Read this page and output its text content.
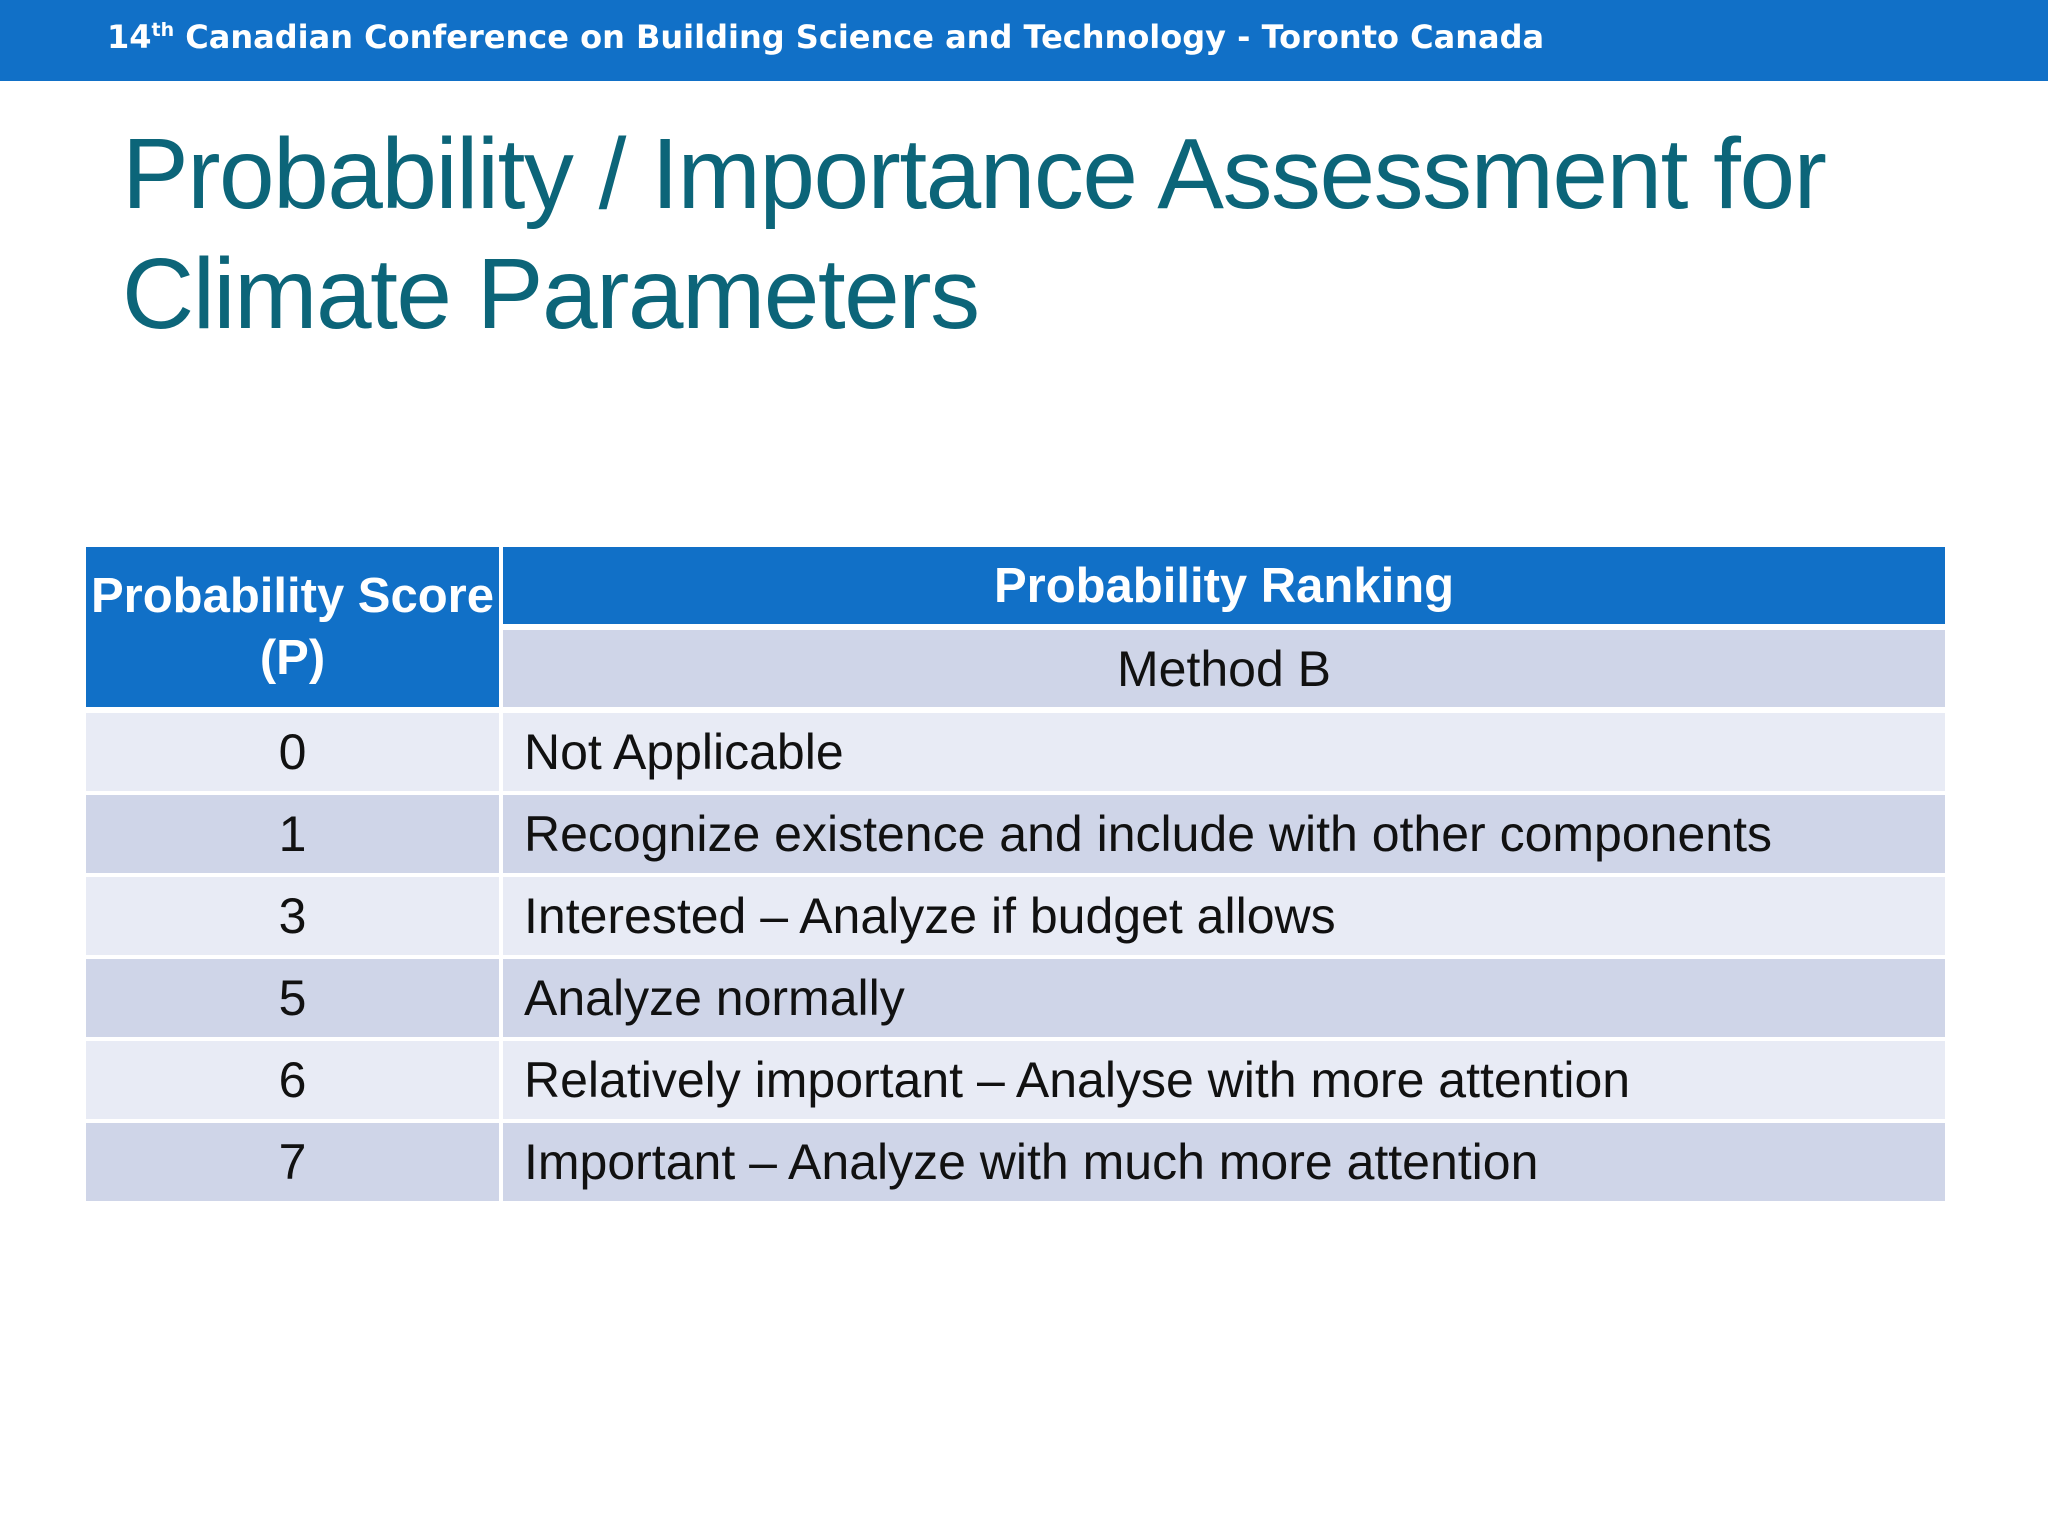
14th Canadian Conference on Building Science and Technology - Toronto Canada
Probability / Importance Assessment for
Climate Parameters
Probability Score (P)
Probability Ranking
Method B
0	Not Applicable
1	Recognize existence and include with other components
3	Interested – Analyze if budget allows
5	Analyze normally
6	Relatively important – Analyse with more attention
7	Important – Analyze with much more attention
